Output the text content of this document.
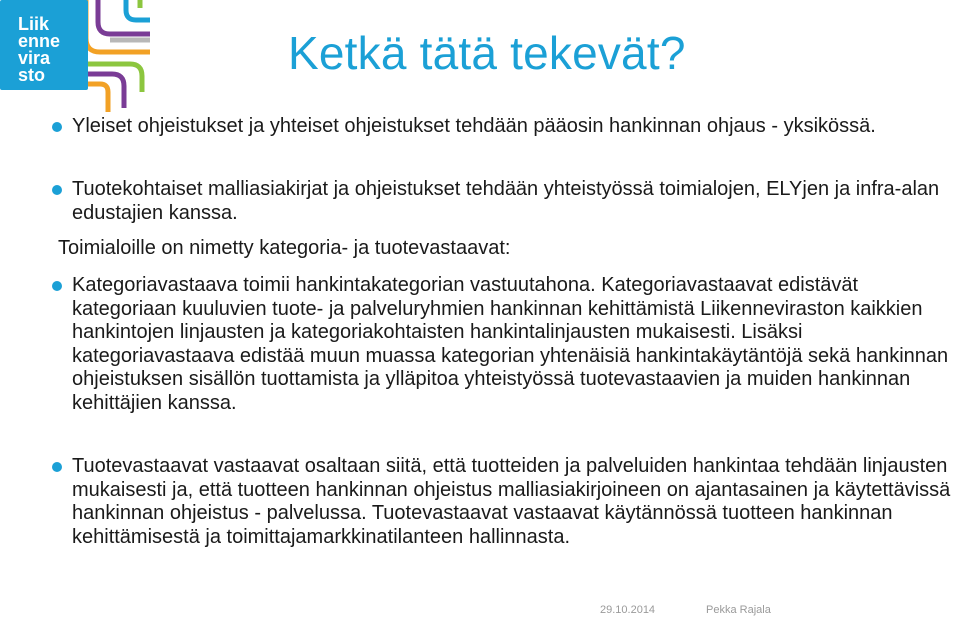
Liik
enne
vira
sto	Ketkä tätä tekevät?

Yleiset ohjeistukset ja yhteiset ohjeistukset tehdään pääosin hankinnan ohjaus - yksikössä.

Tuotekohtaiset malliasiakirjat ja ohjeistukset tehdään yhteistyössä toimialojen, ELYjen ja infra-alan edustajien kanssa.

Toimialoille on nimetty kategoria- ja tuotevastaavat:

Kategoriavastaava toimii hankintakategorian vastuutahona. Kategoriavastaavat edistävät kategoriaan kuuluvien tuote- ja palveluryhmien hankinnan kehittämistä Liikenneviraston kaikkien hankintojen linjausten ja kategoriakohtaisten hankintalinjausten mukaisesti. Lisäksi kategoriavastaava edistää muun muassa kategorian yhtenäisiä hankintakäytäntöjä sekä hankinnan ohjeistuksen sisällön tuottamista ja ylläpitoa yhteistyössä tuotevastaavien ja muiden hankinnan kehittäjien kanssa.

Tuotevastaavat vastaavat osaltaan siitä, että tuotteiden ja palveluiden hankintaa tehdään linjausten mukaisesti ja, että tuotteen hankinnan ohjeistus malliasiakirjoineen on ajantasainen ja käytettävissä hankinnan ohjeistus - palvelussa. Tuotevastaavat vastaavat käytännössä tuotteen hankinnan kehittämisestä ja toimittajamarkkinatilanteen hallinnasta.

29.10.2014	Pekka Rajala
